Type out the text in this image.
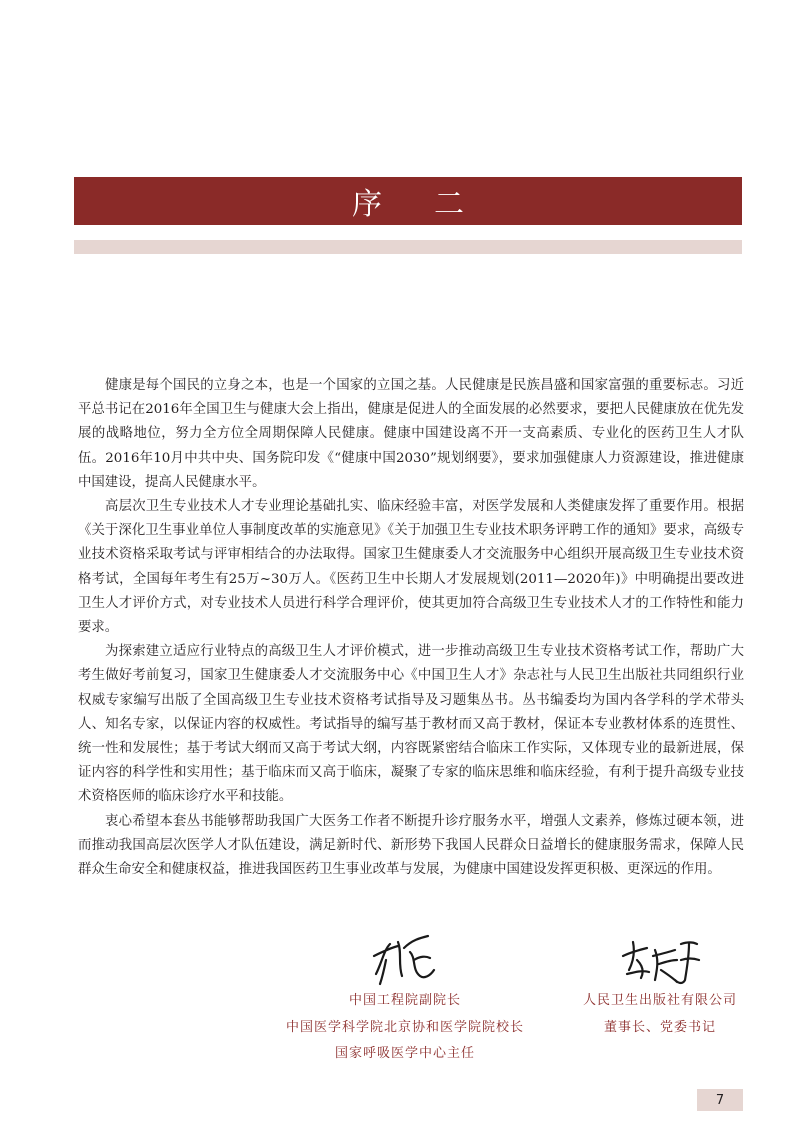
序二

健康是每个国民的立身之本，也是一个国家的立国之基。人民健康是民族昌盛和国家富强的重要标志。习近平总书记在2016年全国卫生与健康大会上指出，健康是促进人的全面发展的必然要求，要把人民健康放在优先发展的战略地位，努力全方位全周期保障人民健康。健康中国建设离不开一支高素质、专业化的医药卫生人才队伍。2016年10月中共中央、国务院印发《“健康中国2030”规划纲要》，要求加强健康人力资源建设，推进健康中国建设，提高人民健康水平。

高层次卫生专业技术人才专业理论基础扎实、临床经验丰富，对医学发展和人类健康发挥了重要作用。根据《关于深化卫生事业单位人事制度改革的实施意见》《关于加强卫生专业技术职务评聘工作的通知》要求，高级专业技术资格采取考试与评审相结合的办法取得。国家卫生健康委人才交流服务中心组织开展高级卫生专业技术资格考试，全国每年考生有25万~30万人。《医药卫生中长期人才发展规划(2011—2020年)》中明确提出要改进卫生人才评价方式，对专业技术人员进行科学合理评价，使其更加符合高级卫生专业技术人才的工作特性和能力要求。

为探索建立适应行业特点的高级卫生人才评价模式，进一步推动高级卫生专业技术资格考试工作，帮助广大考生做好考前复习，国家卫生健康委人才交流服务中心《中国卫生人才》杂志社与人民卫生出版社共同组织行业权威专家编写出版了全国高级卫生专业技术资格考试指导及习题集丛书。丛书编委均为国内各学科的学术带头人、知名专家，以保证内容的权威性。考试指导的编写基于教材而又高于教材，保证本专业教材体系的连贯性、统一性和发展性；基于考试大纲而又高于考试大纲，内容既紧密结合临床工作实际，又体现专业的最新进展，保证内容的科学性和实用性；基于临床而又高于临床，凝聚了专家的临床思维和临床经验，有利于提升高级专业技术资格医师的临床诊疗水平和技能。

衷心希望本套丛书能够帮助我国广大医务工作者不断提升诊疗服务水平，增强人文素养，修炼过硬本领，进而推动我国高层次医学人才队伍建设，满足新时代、新形势下我国人民群众日益增长的健康服务需求，保障人民群众生命安全和健康权益，推进我国医药卫生事业改革与发展，为健康中国建设发挥更积极、更深远的作用。

中国工程院副院长
中国医学科学院北京协和医学院院校长
国家呼吸医学中心主任
人民卫生出版社有限公司
董事长、党委书记
7
